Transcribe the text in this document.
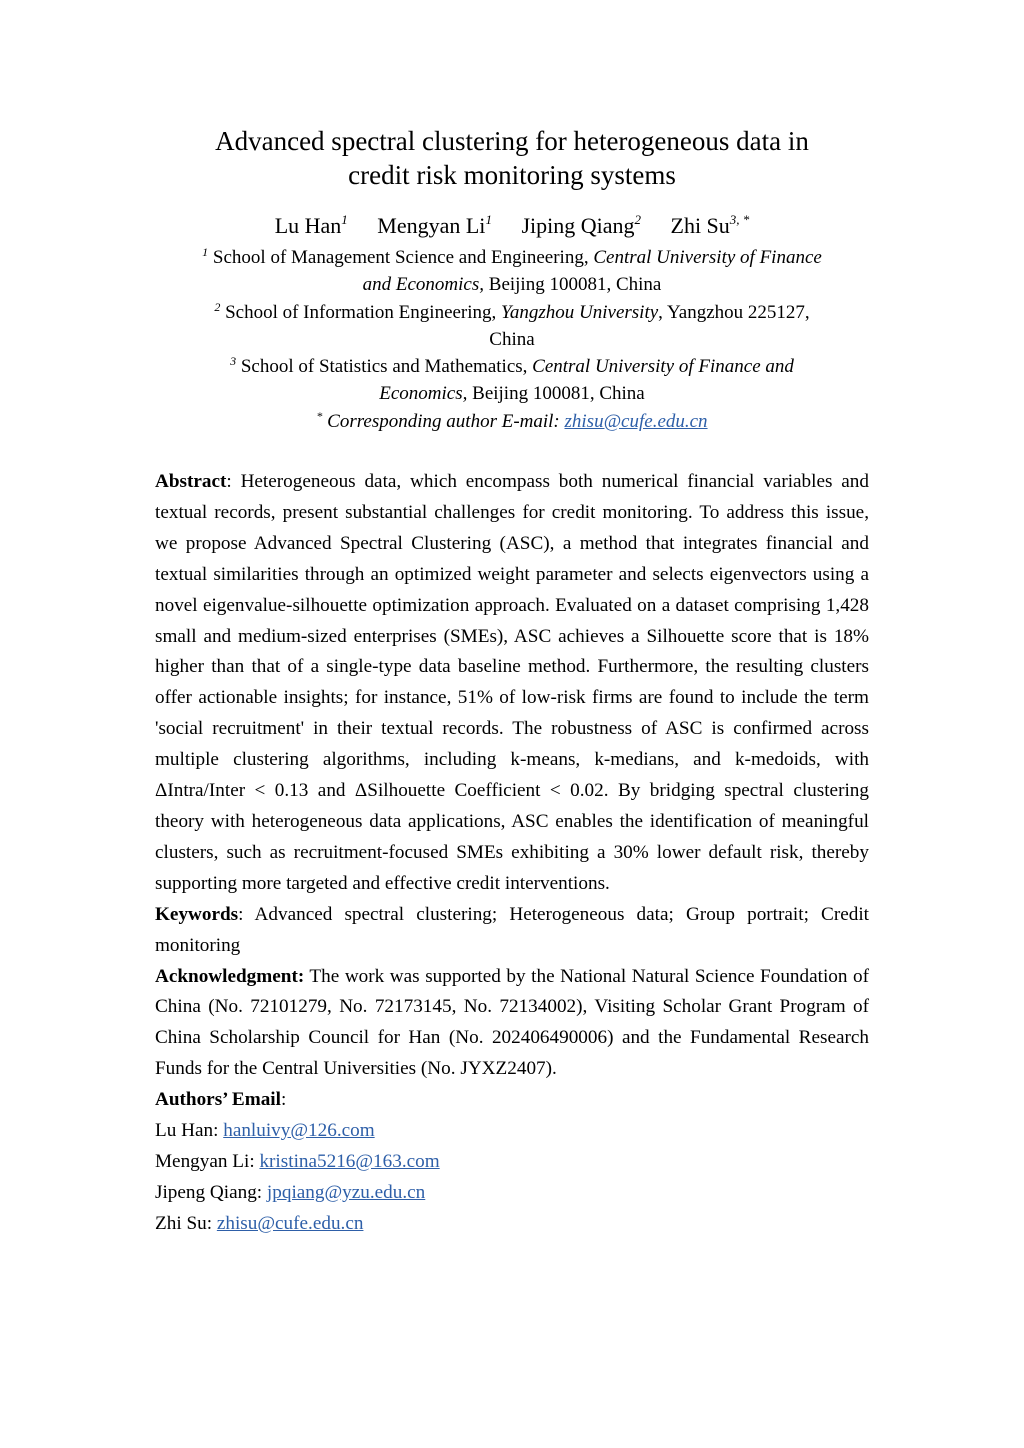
Advanced spectral clustering for heterogeneous data in
credit risk monitoring systems
Lu Han$^1$ Mengyan Li$^1$ Jiping Qiang$^2$ Zhi $Su^{3, *}$
$^1$ School of Management Science and Engineering, Central University of Finance and Economics, Beijing 100081, China
$^2$ School of Information Engineering, Yangzhou University, Yangzhou 225127, China
$^3$ School of Statistics and Mathematics, Central University of Finance and Economics, Beijing 100081, China
* Corresponding author E-mail: zhisu@cufe.edu.cn

Abstract: Heterogeneous data, which encompass both numerical financial variables and textual records, present substantial challenges for credit monitoring. To address this issue, we propose Advanced Spectral Clustering (ASC), a method that integrates financial and textual similarities through an optimized weight parameter and selects eigenvectors using a novel eigenvalue-silhouette optimization approach. Evaluated on a dataset comprising 1,428 small and medium-sized enterprises (SMEs), ASC achieves a Silhouette score that is 18% higher than that of a single-type data baseline method. Furthermore, the resulting clusters offer actionable insights; for instance, 51% of low-risk firms are found to include the term 'social recruitment' in their textual records. The robustness of ASC is confirmed across multiple clustering algorithms, including k-means, k-medians, and k-medoids, with ΔIntra/Inter < 0.13 and ΔSilhouette Coefficient < 0.02. By bridging spectral clustering theory with heterogeneous data applications, ASC enables the identification of meaningful clusters, such as recruitment-focused SMEs exhibiting a 30% lower default risk, thereby supporting more targeted and effective credit interventions.

Keywords: Advanced spectral clustering; Heterogeneous data; Group portrait; Credit monitoring

Acknowledgment: The work was supported by the National Natural Science Foundation of China (No. 72101279, No. 72173145, No. 72134002), Visiting Scholar Grant Program of China Scholarship Council for Han (No. 202406490006) and the Fundamental Research Funds for the Central Universities (No. JYXZ2407).

Authors’ Email:

Lu Han: hanluivy@126.com
Mengyan Li: kristina5216@163.com
Jipeng Qiang: jpqiang@yzu.edu.cn
Zhi Su: zhisu@cufe.edu.cn
